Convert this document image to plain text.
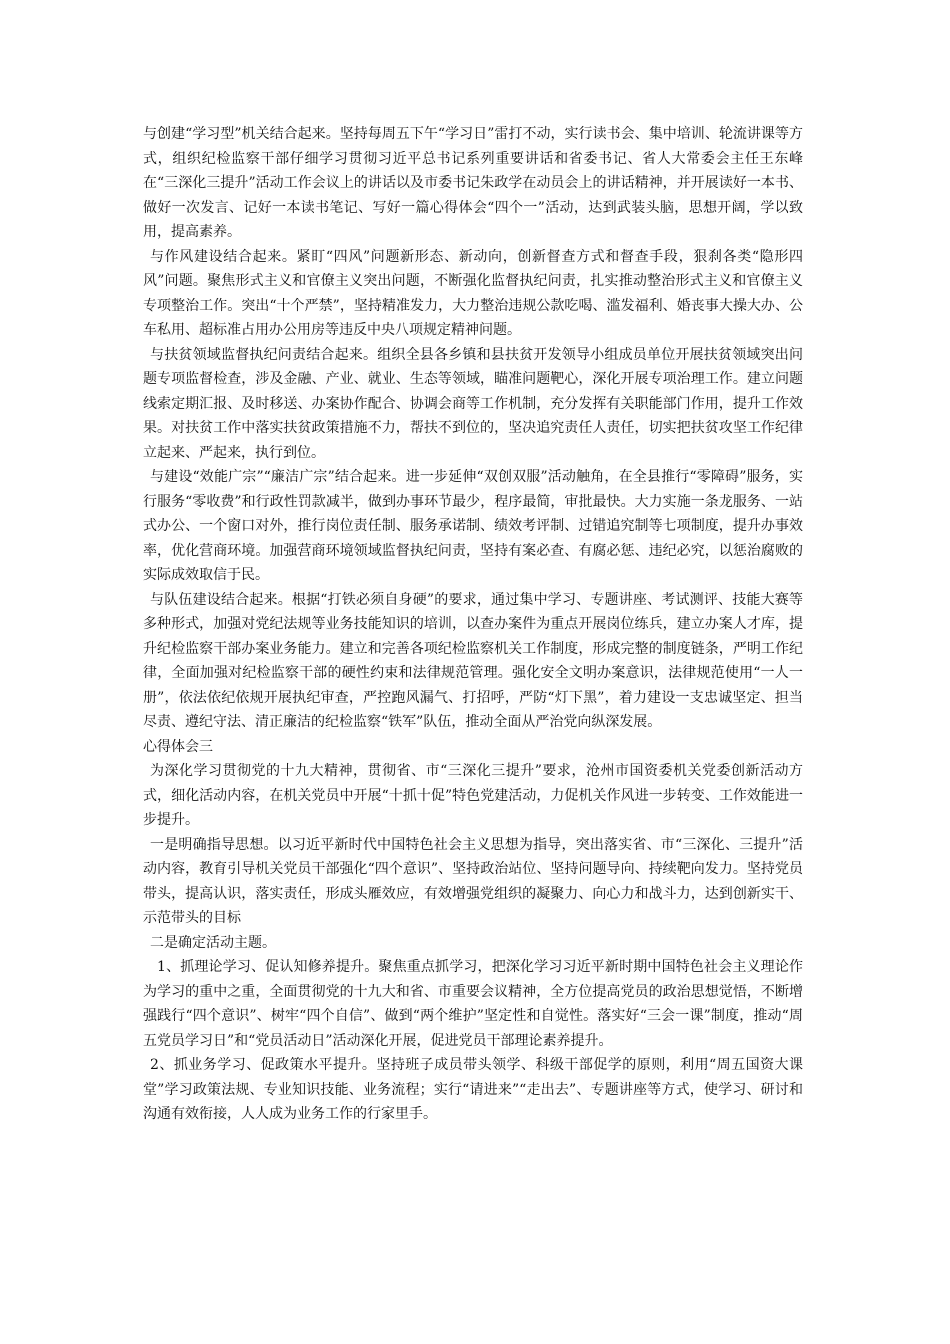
与创建“学习型”机关结合起来。坚持每周五下午“学习日”雷打不动，实行读书会、集中培训、轮流讲课等方式，组织纪检监察干部仔细学习贯彻习近平总书记系列重要讲话和省委书记、省人大常委会主任王东峰在“三深化三提升”活动工作会议上的讲话以及市委书记朱政学在动员会上的讲话精神，并开展读好一本书、做好一次发言、记好一本读书笔记、写好一篇心得体会“四个一”活动，达到武装头脑，思想开阔，学以致用，提高素养。

与作风建设结合起来。紧盯“四风”问题新形态、新动向，创新督查方式和督查手段，狠刹各类“隐形四风”问题。聚焦形式主义和官僚主义突出问题，不断强化监督执纪问责，扎实推动整治形式主义和官僚主义专项整治工作。突出“十个严禁”，坚持精准发力，大力整治违规公款吃喝、滥发福利、婚丧事大操大办、公车私用、超标准占用办公用房等违反中央八项规定精神问题。

与扶贫领域监督执纪问责结合起来。组织全县各乡镇和县扶贫开发领导小组成员单位开展扶贫领域突出问题专项监督检查，涉及金融、产业、就业、生态等领域，瞄准问题靶心，深化开展专项治理工作。建立问题线索定期汇报、及时移送、办案协作配合、协调会商等工作机制，充分发挥有关职能部门作用，提升工作效果。对扶贫工作中落实扶贫政策措施不力，帮扶不到位的，坚决追究责任人责任，切实把扶贫攻坚工作纪律立起来、严起来，执行到位。

与建设“效能广宗”“廉洁广宗”结合起来。进一步延伸“双创双服”活动触角，在全县推行“零障碍”服务，实行服务“零收费”和行政性罚款减半，做到办事环节最少，程序最简，审批最快。大力实施一条龙服务、一站式办公、一个窗口对外，推行岗位责任制、服务承诺制、绩效考评制、过错追究制等七项制度，提升办事效率，优化营商环境。加强营商环境领域监督执纪问责，坚持有案必查、有腐必惩、违纪必究，以惩治腐败的实际成效取信于民。

与队伍建设结合起来。根据“打铁必须自身硬”的要求，通过集中学习、专题讲座、考试测评、技能大赛等多种形式，加强对党纪法规等业务技能知识的培训，以查办案件为重点开展岗位练兵，建立办案人才库，提升纪检监察干部办案业务能力。建立和完善各项纪检监察机关工作制度，形成完整的制度链条，严明工作纪律，全面加强对纪检监察干部的硬性约束和法律规范管理。强化安全文明办案意识，法律规范使用“一人一册”，依法依纪依规开展执纪审查，严控跑风漏气、打招呼，严防“灯下黑”，着力建设一支忠诚坚定、担当尽责、遵纪守法、清正廉洁的纪检监察“铁军”队伍，推动全面从严治党向纵深发展。

心得体会三

为深化学习贯彻党的十九大精神，贯彻省、市“三深化三提升”要求，沧州市国资委机关党委创新活动方式，细化活动内容，在机关党员中开展“十抓十促”特色党建活动，力促机关作风进一步转变、工作效能进一步提升。

一是明确指导思想。以习近平新时代中国特色社会主义思想为指导，突出落实省、市“三深化、三提升”活动内容，教育引导机关党员干部强化“四个意识”、坚持政治站位、坚持问题导向、持续靶向发力。坚持党员带头，提高认识，落实责任，形成头雁效应，有效增强党组织的凝聚力、向心力和战斗力，达到创新实干、示范带头的目标

二是确定活动主题。

1、抓理论学习、促认知修养提升。聚焦重点抓学习，把深化学习习近平新时期中国特色社会主义理论作为学习的重中之重，全面贯彻党的十九大和省、市重要会议精神，全方位提高党员的政治思想觉悟，不断增强践行“四个意识”、树牢“四个自信”、做到“两个维护”坚定性和自觉性。落实好“三会一课”制度，推动“周五党员学习日”和“党员活动日”活动深化开展，促进党员干部理论素养提升。

2、抓业务学习、促政策水平提升。坚持班子成员带头领学、科级干部促学的原则，利用“周五国资大课堂”学习政策法规、专业知识技能、业务流程；实行“请进来”“走出去”、专题讲座等方式，使学习、研讨和沟通有效衔接，人人成为业务工作的行家里手。
